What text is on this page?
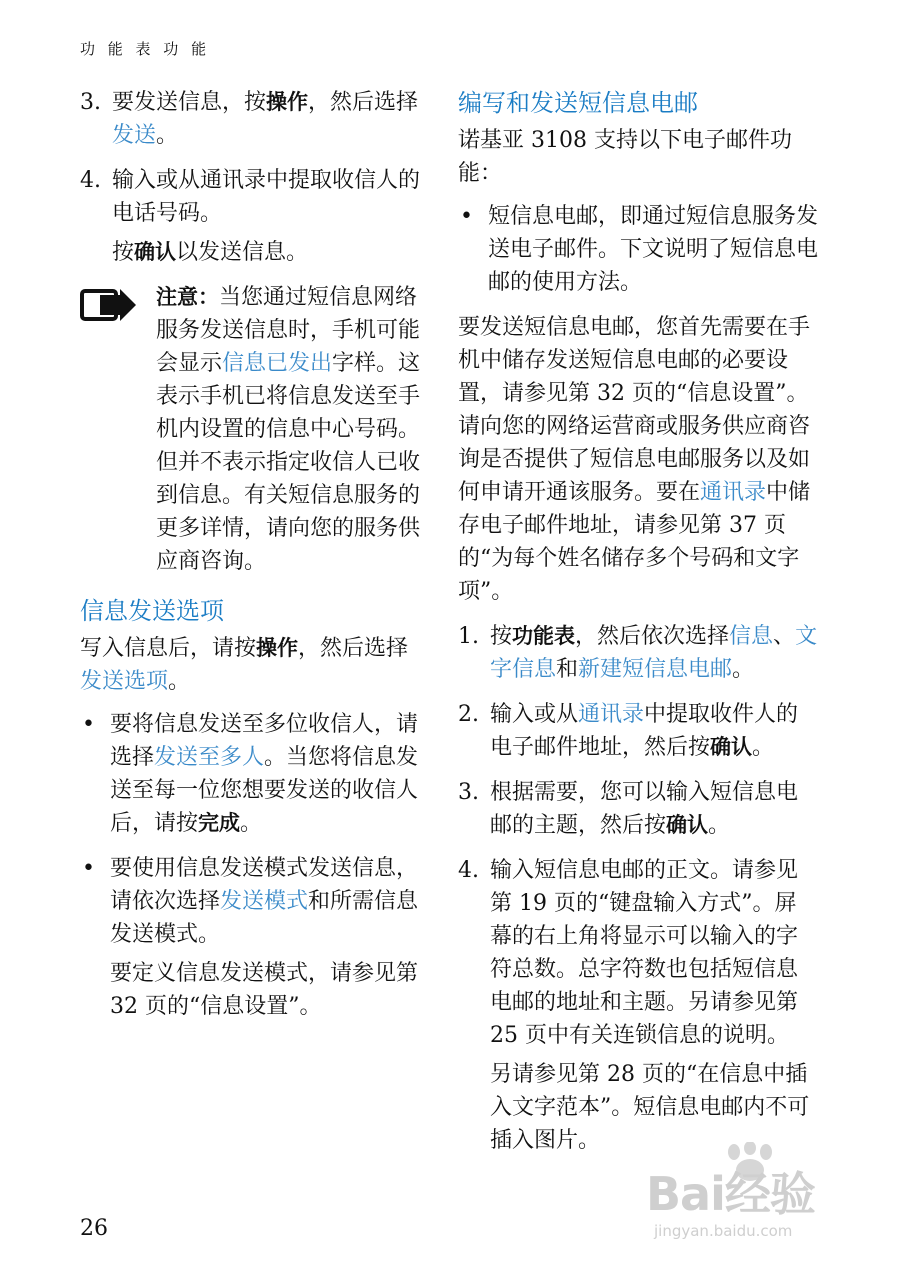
功 能 表 功 能
3. 要发送信息，按操作，然后选择发送。
4. 输入或从通讯录中提取收信人的电话号码。

按确认以发送信息。

注意：当您通过短信息网络服务发送信息时，手机可能会显示信息已发出字样。这表示手机已将信息发送至手机内设置的信息中心号码。但并不表示指定收信人已收到信息。有关短信息服务的更多详情，请向您的服务供应商咨询。

信息发送选项

写入信息后，请按操作，然后选择发送选项。

• 要将信息发送至多位收信人，请选择发送至多人。当您将信息发送至每一位您想要发送的收信人后，请按完成。
• 要使用信息发送模式发送信息，请依次选择发送模式和所需信息发送模式。

要定义信息发送模式，请参见第 32 页的“信息设置”。

编写和发送短信息电邮

诺基亚 3108 支持以下电子邮件功能：

• 短信息电邮，即通过短信息服务发送电子邮件。下文说明了短信息电邮的使用方法。

要发送短信息电邮，您首先需要在手机中储存发送短信息电邮的必要设置，请参见第 32 页的“信息设置”。请向您的网络运营商或服务供应商咨询是否提供了短信息电邮服务以及如何申请开通该服务。要在通讯录中储存电子邮件地址，请参见第 37 页的“为每个姓名储存多个号码和文字项”。

1. 按功能表，然后依次选择信息、文字信息和新建短信息电邮。
2. 输入或从通讯录中提取收件人的电子邮件地址，然后按确认。
3. 根据需要，您可以输入短信息电邮的主题，然后按确认。
4. 输入短信息电邮的正文。请参见第 19 页的“键盘输入方式”。屏幕的右上角将显示可以输入的字符总数。总字符数也包括短信息电邮的地址和主题。另请参见第 25 页中有关连锁信息的说明。

另请参见第 28 页的“在信息中插入文字范本”。短信息电邮内不可插入图片。

26
Bai经验
jingyan.baidu.com
